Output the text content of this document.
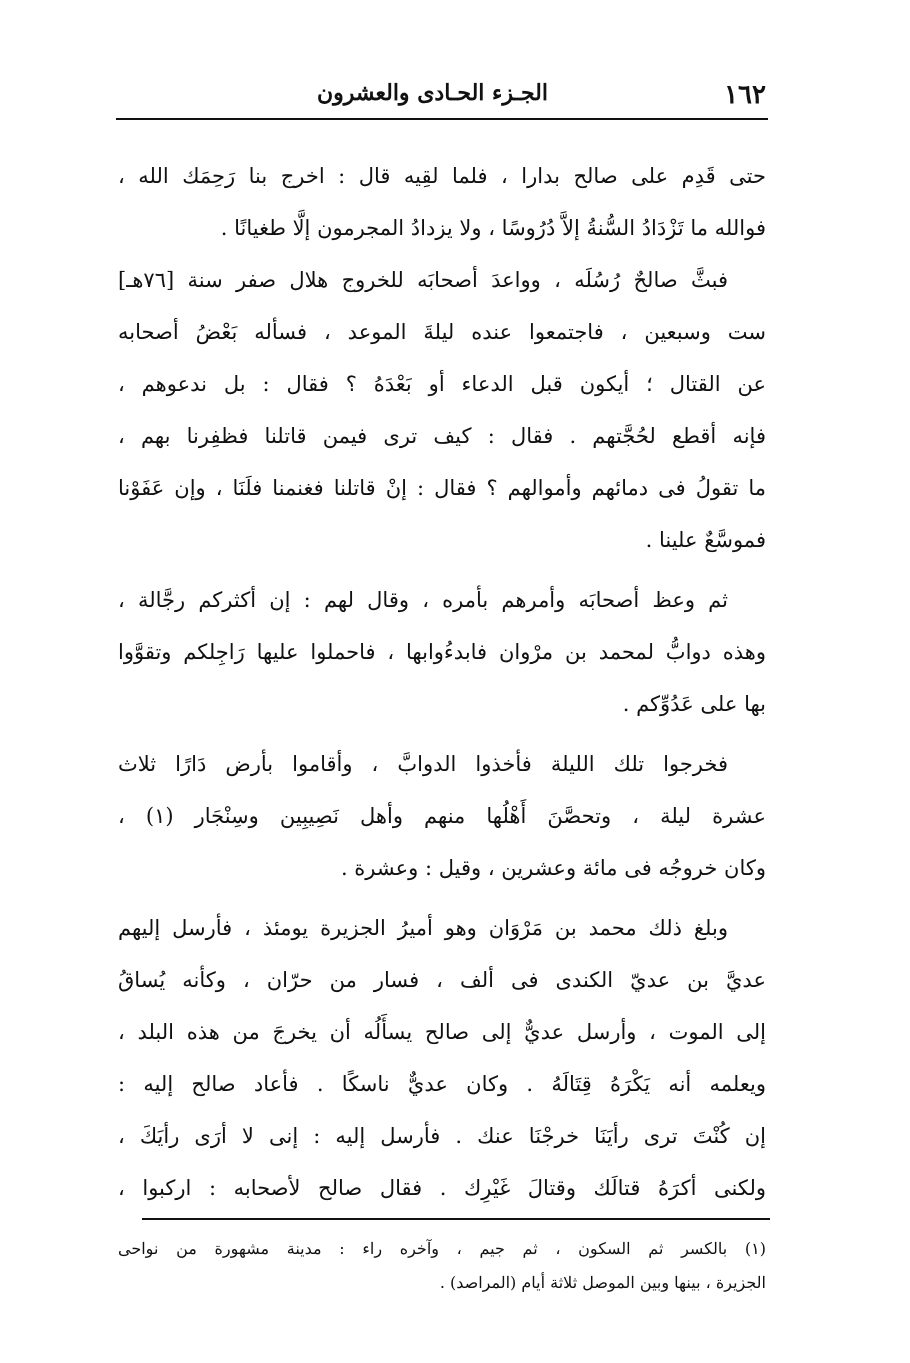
١٦٢
الجـزء الحـادى والعشرون
حتى قَدِم على صالح بدارا ، فلما لقِيه قال : اخرج بنا رَحِمَك الله ،
فوالله ما تَزْدَادُ السُّنةُ إلاَّ دُرُوسًا ، ولا يزدادُ المجرمون إلَّا طغيانًا .
فبثَّ صالحٌ رُسُلَه ، وواعدَ أصحابَه للخروج هلال صفر سنة [٧٦هـ]
ست وسبعين ، فاجتمعوا عنده ليلةَ الموعد ، فسأله بَعْضُ أصحابه
عن القتال ؛ أيكون قبل الدعاء أو بَعْدَهُ ؟ فقال : بل ندعوهم ،
فإنه أقطع لحُجَّتهم . فقال : كيف ترى فيمن قاتلنا فظفِرنا بهم ،
ما تقولُ فى دمائهم وأموالهم ؟ فقال : إنْ قاتلنا فغنمنا فلَنَا ، وإن عَفَوْنا
فموسَّعٌ علينا .
ثم وعظ أصحابَه وأمرهم بأمره ، وقال لهم : إن أكثركم رجَّالة ،
وهذه دوابُّ لمحمد بن مرْوان فابدءُوابها ، فاحملوا عليها رَاجِلكم وتقوَّوا
بها على عَدُوِّكم .
فخرجوا تلك الليلة فأخذوا الدوابَّ ، وأقاموا بأرض دَارًا ثلاث
عشرة ليلة ، وتحصَّنَ أَهْلُها منهم وأهل نَصِيبِين وسِنْجَار (١) ،
وكان خروجُه فى مائة وعشرين ، وقيل : وعشرة .
وبلغ ذلك محمد بن مَرْوَان وهو أميرُ الجزيرة يومئذ ، فأرسل إليهم
عديَّ بن عديّ الكندى فى ألف ، فسار من حرّان ، وكأنه يُساقُ
إلى الموت ، وأرسل عديٌّ إلى صالح يسأَلُه أن يخرجَ من هذه البلد ،
ويعلمه أنه يَكْرَهُ قِتَالَهُ . وكان عديٌّ ناسكًا . فأعاد صالح إليه :
إن كُنْتَ ترى رأيَنَا خرجْنَا عنك . فأرسل إليه : إنى لا أرَى رأيَكَ ،
ولكنى أكرَهُ قتالَك وقتالَ غَيْرِك . فقال صالح لأصحابه : اركبوا ،
(١) بالكسر ثم السكون ، ثم جيم ، وآخره راء : مدينة مشهورة من نواحى
الجزيرة ، بينها وبين الموصل ثلاثة أيام (المراصد) .
